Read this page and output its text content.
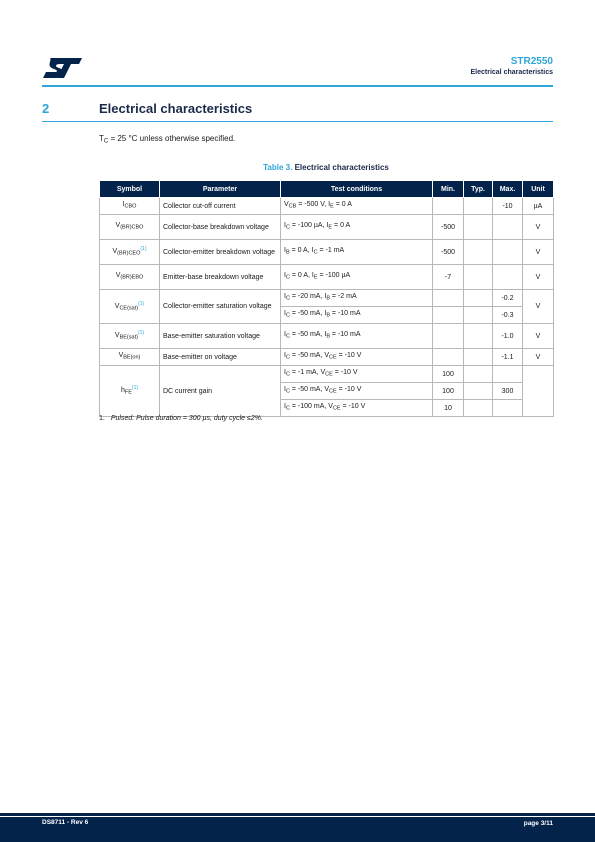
STR2550
Electrical characteristics
2	Electrical characteristics
$T_C = 25$ °C unless otherwise specified.
Table 3. Electrical characteristics
Symbol	Parameter	Test conditions	Min.	Typ.	Max.	Unit
$I_{CBO}$	Collector cut-off current	$V_{CB} = -500$ V, $I_E = 0$ A			-10	µA
$V_{(BR)CBO}$	Collector-base breakdown voltage	$I_C = -100$ µA, $I_E = 0$ A	-500			V
$V_{(BR)CEO}^{(1)}$	Collector-emitter breakdown voltage	$I_B = 0$ A, $I_C = -1$ mA	-500			V
$V_{(BR)EBO}$	Emitter-base breakdown voltage	$I_C = 0$ A, $I_E = -100$ µA	-7			V
$V_{CE(sat)}^{(1)}$	Collector-emitter saturation voltage	$I_C = -20$ mA, $I_B = -2$ mA			-0.2	V
		$I_C = -50$ mA, $I_B = -10$ mA			-0.3	
$V_{BE(sat)}^{(1)}$	Base-emitter saturation voltage	$I_C = -50$ mA, $I_B = -10$ mA			-1.0	V
$V_{BE(on)}$	Base-emitter on voltage	$I_C = -50$ mA, $V_{CE} = -10$ V			-1.1	V
$h_{FE}^{(1)}$	DC current gain	$I_C = -1$ mA, $V_{CE} = -10$ V	100			
		$I_C = -50$ mA, $V_{CE} = -10$ V	100		300	
		$I_C = -100$ mA, $V_{CE} = -10$ V	10			
1. Pulsed: Pulse duration = 300 µs, duty cycle ≤2%.
DS8711 - Rev 6	page 3/11
